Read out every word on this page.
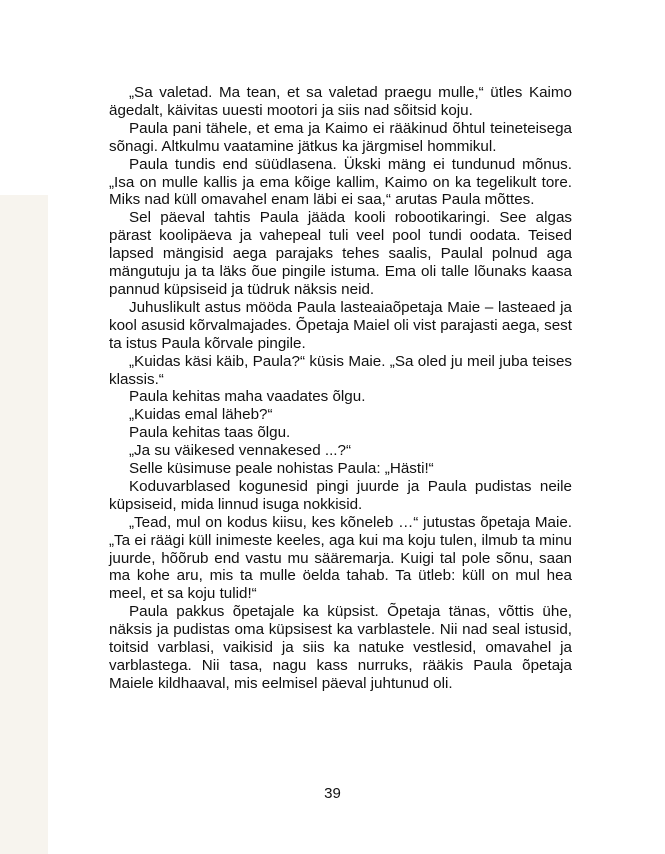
„Sa valetad. Ma tean, et sa valetad praegu mulle,“ ütles Kaimo ägedalt, käivitas uuesti mootori ja siis nad sõitsid koju.

Paula pani tähele, et ema ja Kaimo ei rääkinud õhtul teineteisega sõnagi. Altkulmu vaatamine jätkus ka järgmisel hommikul.

Paula tundis end süüdlasena. Ükski mäng ei tundunud mõnus. „Isa on mulle kallis ja ema kõige kallim, Kaimo on ka tegelikult tore. Miks nad küll omavahel enam läbi ei saa,“ arutas Paula mõttes.

Sel päeval tahtis Paula jääda kooli robootikaringi. See algas pärast koolipäeva ja vahepeal tuli veel pool tundi oodata. Teised lapsed mängisid aega parajaks tehes saalis, Paulal polnud aga mängutuju ja ta läks õue pingile istuma. Ema oli talle lõunaks kaasa pannud küpsiseid ja tüdruk näksis neid.

Juhuslikult astus mööda Paula lasteaiaõpetaja Maie – lasteaed ja kool asusid kõrvalmajades. Õpetaja Maiel oli vist parajasti aega, sest ta istus Paula kõrvale pingile.

„Kuidas käsi käib, Paula?“ küsis Maie. „Sa oled ju meil juba teises klassis.“

Paula kehitas maha vaadates õlgu.

„Kuidas emal läheb?“

Paula kehitas taas õlgu.

„Ja su väikesed vennakesed ...?“

Selle küsimuse peale nohistas Paula: „Hästi!“

Koduvarblased kogunesid pingi juurde ja Paula pudistas neile küpsiseid, mida linnud isuga nokkisid.

„Tead, mul on kodus kiisu, kes kõneleb …“ jutustas õpetaja Maie. „Ta ei räägi küll inimeste keeles, aga kui ma koju tulen, ilmub ta minu juurde, hõõrub end vastu mu sääremarja. Kuigi tal pole sõnu, saan ma kohe aru, mis ta mulle öelda tahab. Ta ütleb: küll on mul hea meel, et sa koju tulid!“

Paula pakkus õpetajale ka küpsist. Õpetaja tänas, võttis ühe, näksis ja pudistas oma küpsisest ka varblastele. Nii nad seal istusid, toitsid varblasi, vaikisid ja siis ka natuke vestlesid, omavahel ja varblastega. Nii tasa, nagu kass nurruks, rääkis Paula õpetaja Maiele kildhaaval, mis eelmisel päeval juhtunud oli.

39
